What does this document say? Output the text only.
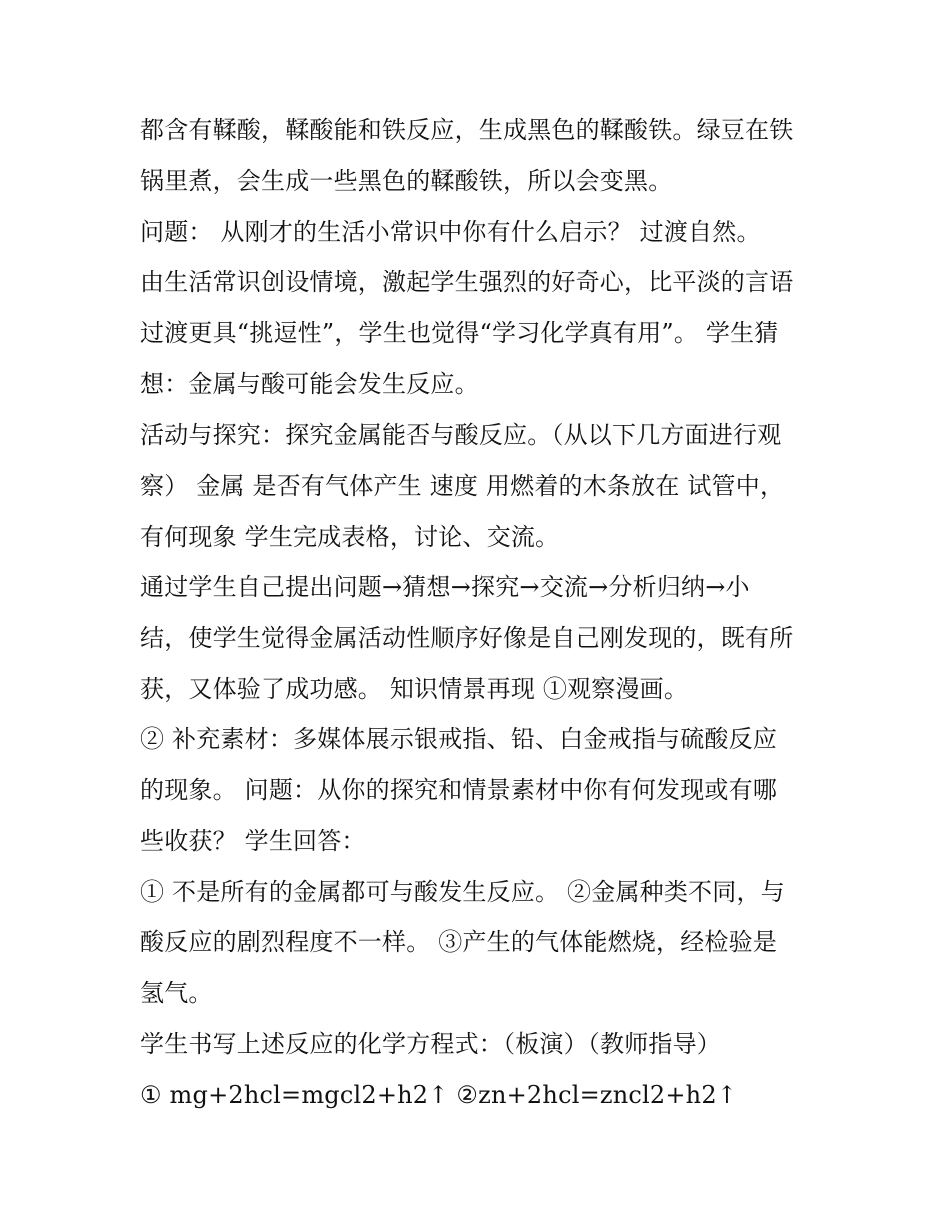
都含有鞣酸，鞣酸能和铁反应，生成黑色的鞣酸铁。绿豆在铁
锅里煮，会生成一些黑色的鞣酸铁，所以会变黑。
问题： 从刚才的生活小常识中你有什么启示？ 过渡自然。
由生活常识创设情境，激起学生强烈的好奇心，比平淡的言语
过渡更具“挑逗性”，学生也觉得“学习化学真有用”。 学生猜
想：金属与酸可能会发生反应。
活动与探究：探究金属能否与酸反应。（从以下几方面进行观
察） 金属 是否有气体产生 速度 用燃着的木条放在 试管中，
有何现象 学生完成表格，讨论、交流。
通过学生自己提出问题→猜想→探究→交流→分析归纳→小
结，使学生觉得金属活动性顺序好像是自己刚发现的，既有所
获，又体验了成功感。 知识情景再现 ①观察漫画。
② 补充素材：多媒体展示银戒指、铅、白金戒指与硫酸反应
的现象。 问题：从你的探究和情景素材中你有何发现或有哪
些收获？ 学生回答：
① 不是所有的金属都可与酸发生反应。 ②金属种类不同，与
酸反应的剧烈程度不一样。 ③产生的气体能燃烧，经检验是
氢气。
学生书写上述反应的化学方程式：（板演）（教师指导）
① mg+2hcl=mgcl2+h2↑ ②zn+2hcl=zncl2+h2↑
